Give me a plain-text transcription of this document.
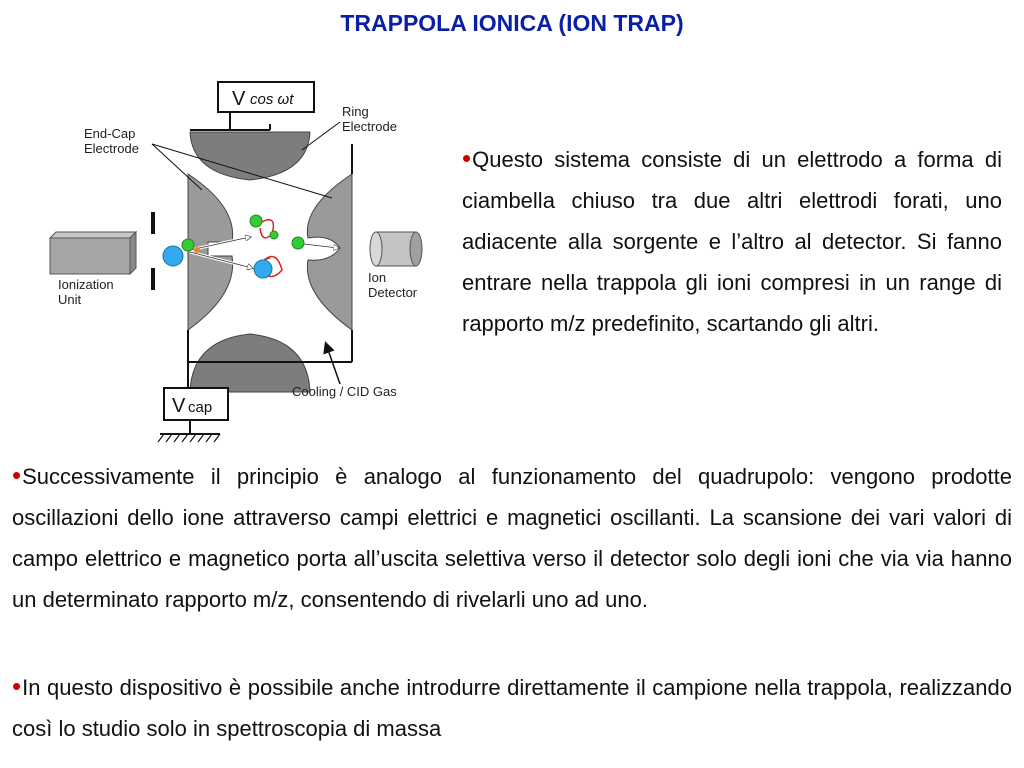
TRAPPOLA IONICA (ION TRAP)
V cos ωt
V cap
Ionization
Unit
Ion
Detector
Ring
Electrode
End-Cap
Electrode
Cooling / CID Gas
•Questo sistema consiste di un elettrodo a forma di ciambella chiuso tra due altri elettrodi forati, uno adiacente alla sorgente e l’altro al detector. Si fanno entrare nella trappola gli ioni compresi in un range di rapporto m/z predefinito, scartando gli altri.
•Successivamente il principio è analogo al funzionamento del quadrupolo: vengono prodotte oscillazioni dello ione attraverso campi elettrici e magnetici oscillanti. La scansione dei vari valori di campo elettrico e magnetico porta all’uscita selettiva verso il detector solo degli ioni che via via hanno un determinato rapporto m/z, consentendo di rivelarli uno ad uno.
•In questo dispositivo è possibile anche introdurre direttamente il campione nella trappola, realizzando così lo studio solo in spettroscopia di massa
